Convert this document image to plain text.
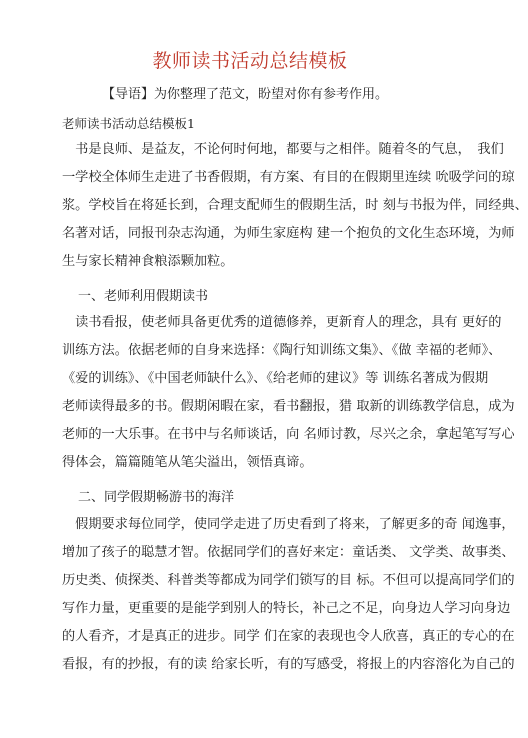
教师读书活动总结模板
【导语】为你整理了范文，盼望对你有参考作用。
老师读书活动总结模板1
　书是良师、是益友，不论何时何地，都要与之相伴。随着冬的气息，　我们
一学校全体师生走进了书香假期，有方案、有目的在假期里连续 吮吸学问的琼
浆。学校旨在将延长到，合理支配师生的假期生活，时 刻与书报为伴，同经典、
名著对话，同报刊杂志沟通，为师生家庭构 建一个抱负的文化生态环境，为师
生与家长精神食粮添颗加粒。
一、老师利用假期读书
　读书看报，使老师具备更优秀的道德修养，更新育人的理念，具有 更好的
训练方法。依据老师的自身来选择：《陶行知训练文集》、《做 幸福的老师》、
《爱的训练》、《中国老师缺什么》、《给老师的建议》等 训练名著成为假期
老师读得最多的书。假期闲暇在家，看书翻报，猎 取新的训练教学信息，成为
老师的一大乐事。在书中与名师谈话，向 名师讨教，尽兴之余，拿起笔写写心
得体会，篇篇随笔从笔尖溢出，领悟真谛。
二、同学假期畅游书的海洋
　假期要求每位同学，使同学走进了历史看到了将来，了解更多的奇 闻逸事，
增加了孩子的聪慧才智。依据同学们的喜好来定：童话类、 文学类、故事类、
历史类、侦探类、科普类等都成为同学们锁写的目 标。不但可以提高同学们的
写作力量，更重要的是能学到别人的特长，补己之不足，向身边人学习向身边
的人看齐，才是真正的进步。同学 们在家的表现也令人欣喜，真正的专心的在
看报，有的抄报，有的读 给家长听，有的写感受，将报上的内容溶化为自己的
